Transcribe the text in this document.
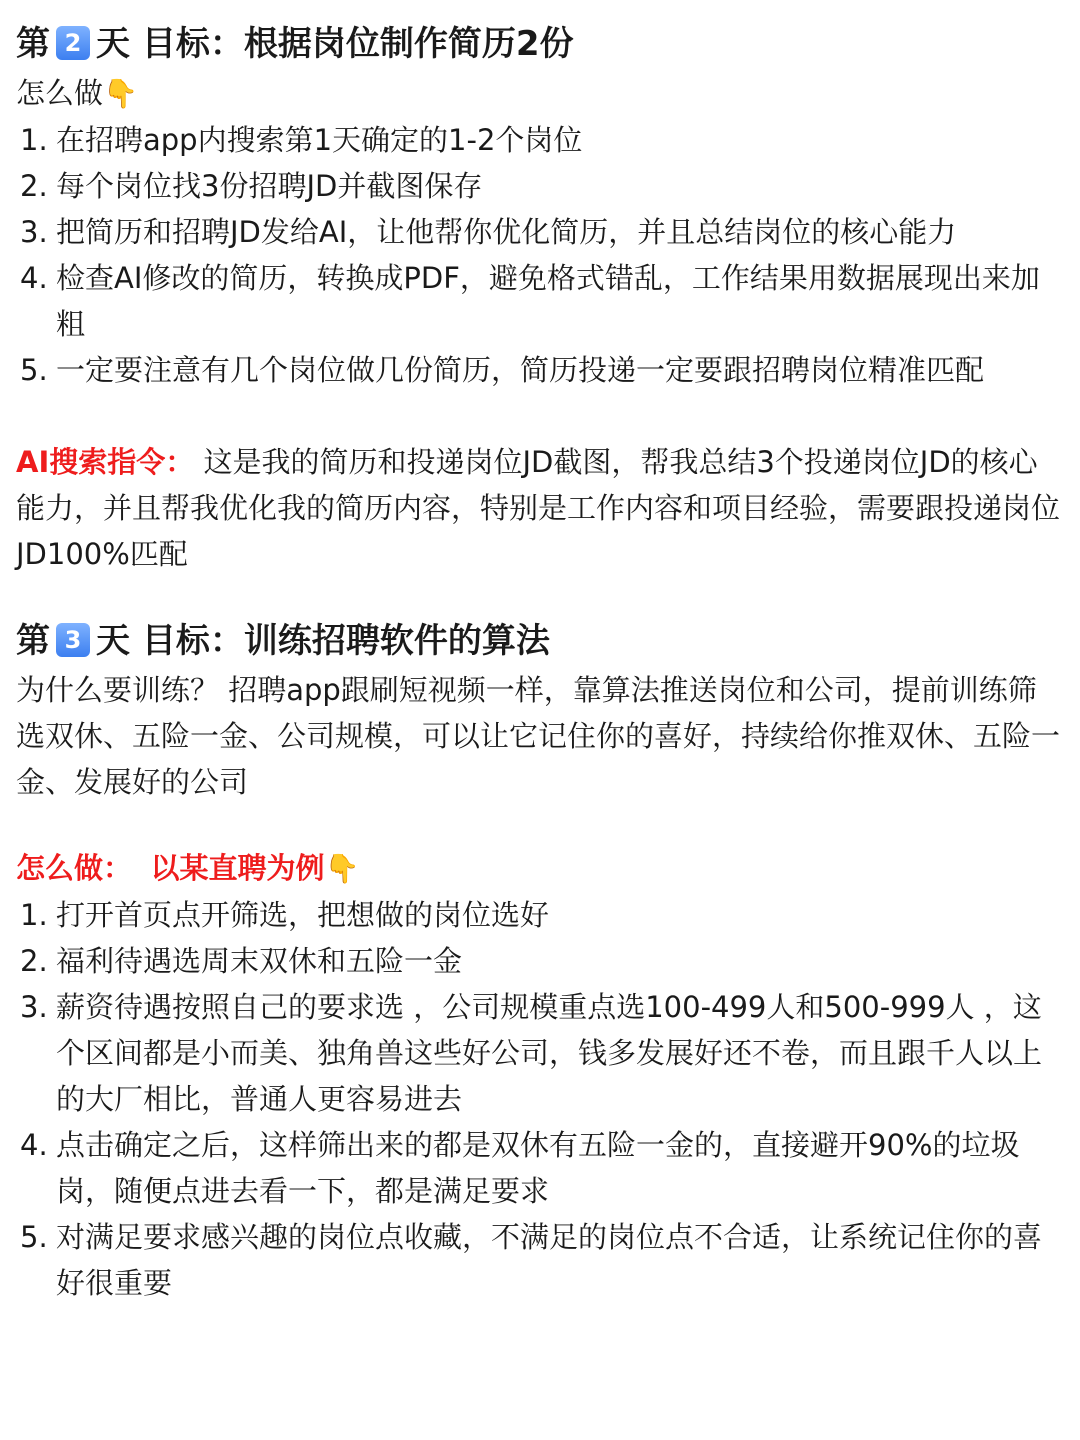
第 2 天 目标：根据岗位制作简历2份

怎么做👇

1. 在招聘app内搜索第1天确定的1-2个岗位
2. 每个岗位找3份招聘JD并截图保存
3. 把简历和招聘JD发给AI，让他帮你优化简历，并且总结岗位的核心能力
4. 检查AI修改的简历，转换成PDF，避免格式错乱，工作结果用数据展现出来加粗
5. 一定要注意有几个岗位做几份简历，简历投递一定要跟招聘岗位精准匹配

AI搜索指令： 这是我的简历和投递岗位JD截图，帮我总结3个投递岗位JD的核心能力，并且帮我优化我的简历内容，特别是工作内容和项目经验，需要跟投递岗位JD100%匹配

第 3 天 目标：训练招聘软件的算法

为什么要训练？ 招聘app跟刷短视频一样，靠算法推送岗位和公司，提前训练筛选双休、五险一金、公司规模，可以让它记住你的喜好，持续给你推双休、五险一金、发展好的公司

怎么做： 以某直聘为例👇

1. 打开首页点开筛选，把想做的岗位选好
2. 福利待遇选周末双休和五险一金
3. 薪资待遇按照自己的要求选 ，公司规模重点选100-499人和500-999人 ，这个区间都是小而美、独角兽这些好公司，钱多发展好还不卷，而且跟千人以上的大厂相比，普通人更容易进去
4. 点击确定之后，这样筛出来的都是双休有五险一金的，直接避开90%的垃圾岗，随便点进去看一下，都是满足要求
5. 对满足要求感兴趣的岗位点收藏，不满足的岗位点不合适，让系统记住你的喜好很重要
